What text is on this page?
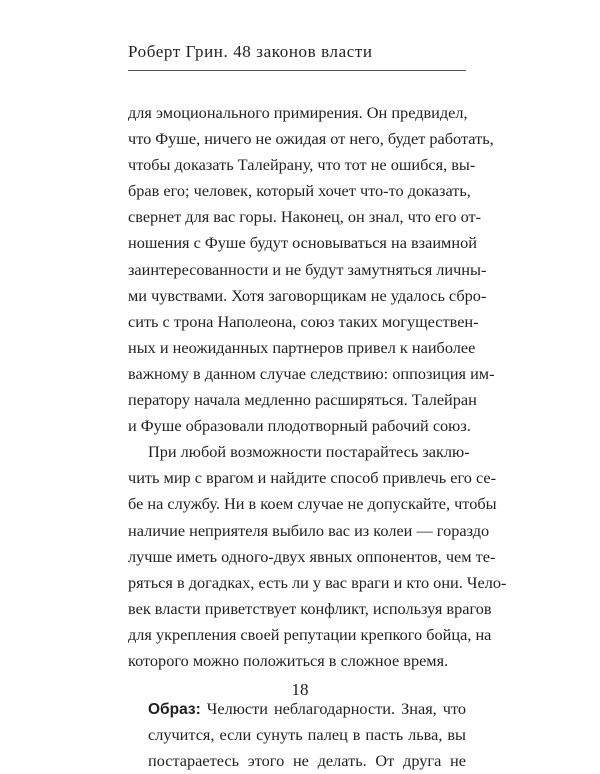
Роберт Грин. 48 законов власти
для эмоционального примирения. Он предвидел,
что Фуше, ничего не ожидая от него, будет работать,
чтобы доказать Талейрану, что тот не ошибся, вы-
брав его; человек, который хочет что-то доказать,
свернет для вас горы. Наконец, он знал, что его от-
ношения с Фуше будут основываться на взаимной
заинтересованности и не будут замутняться личны-
ми чувствами. Хотя заговорщикам не удалось сбро-
сить с трона Наполеона, союз таких могуществен-
ных и неожиданных партнеров привел к наиболее
важному в данном случае следствию: оппозиция им-
ператору начала медленно расширяться. Талейран
и Фуше образовали плодотворный рабочий союз.
При любой возможности постарайтесь заклю-
чить мир с врагом и найдите способ привлечь его се-
бе на службу. Ни в коем случае не допускайте, чтобы
наличие неприятеля выбило вас из колеи — гораздо
лучше иметь одного-двух явных оппонентов, чем те-
ряться в догадках, есть ли у вас враги и кто они. Чело-
век власти приветствует конфликт, используя врагов
для укрепления своей репутации крепкого бойца, на
которого можно положиться в сложное время.
Образ: Челюсти неблагодарности. Зная, что
случится, если сунуть палец в пасть льва, вы
постараетесь этого не делать. От друга не
18
